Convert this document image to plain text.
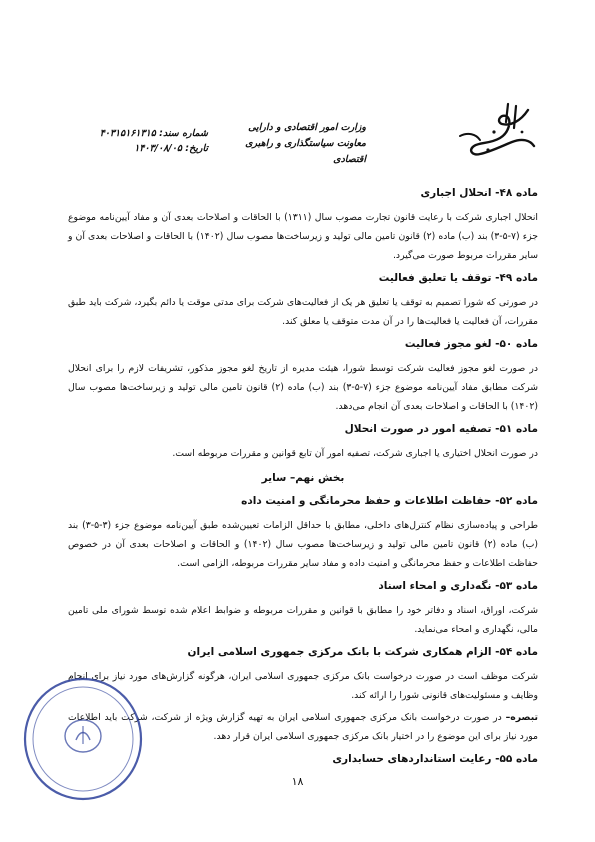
شماره سند: ۴۰۳۱۵۱۶۱۳۱۵
تاریخ: ۱۴۰۳/۰۸/۰۵
وزارت امور اقتصادی و دارایی
معاونت سیاستگذاری و راهبری اقتصادی
ماده ۴۸- انحلال اجباری
انحلال اجباری شرکت با رعایت قانون تجارت مصوب سال (۱۳۱۱) با الحاقات و اصلاحات بعدی آن و مفاد آیین‌نامه موضوع جزء (۷-۵-۳) بند (ب) ماده (۲) قانون تامین مالی تولید و زیرساخت‌ها مصوب سال (۱۴۰۲) با الحاقات و اصلاحات بعدی آن و سایر مقررات مربوط صورت می‌گیرد.
ماده ۴۹- توقف یا تعلیق فعالیت
در صورتی که شورا تصمیم به توقف یا تعلیق هر یک از فعالیت‌های شرکت برای مدتی موقت یا دائم بگیرد، شرکت باید طبق مقررات، آن فعالیت یا فعالیت‌ها را در آن مدت متوقف یا معلق کند.
ماده ۵۰- لغو مجوز فعالیت
در صورت لغو مجوز فعالیت شرکت توسط شورا، هیئت مدیره از تاریخ لغو مجوز مذکور، تشریفات لازم را برای انحلال شرکت مطابق مفاد آیین‌نامه موضوع جزء (۷-۵-۳) بند (ب) ماده (۲) قانون تامین مالی تولید و زیرساخت‌ها مصوب سال (۱۴۰۲) با الحاقات و اصلاحات بعدی آن انجام می‌دهد.
ماده ۵۱- تصفیه امور در صورت انحلال
در صورت انحلال اختیاری یا اجباری شرکت، تصفیه امور آن تابع قوانین و مقررات مربوطه است.
بخش نهم– سایر
ماده ۵۲- حفاظت اطلاعات و حفظ محرمانگی و امنیت داده
طراحی و پیاده‌سازی نظام کنترل‌های داخلی، مطابق با حداقل الزامات تعیین‌شده طبق آیین‌نامه موضوع جزء (۳-۵-۳) بند (ب) ماده (۲) قانون تامین مالی تولید و زیرساخت‌ها مصوب سال (۱۴۰۲) و الحاقات و اصلاحات بعدی آن در خصوص حفاظت اطلاعات و حفظ محرمانگی و امنیت داده و مفاد سایر مقررات مربوطه، الزامی است.
ماده ۵۳- نگه‌داری و امحاء اسناد
شرکت، اوراق، اسناد و دفاتر خود را مطابق با قوانین و مقررات مربوطه و ضوابط اعلام شده توسط شورای ملی تامین مالی، نگهداری و امحاء می‌نماید.
ماده ۵۴- الزام همکاری شرکت با بانک مرکزی جمهوری اسلامی ایران
شرکت موظف است در صورت درخواست بانک مرکزی جمهوری اسلامی ایران، هرگونه گزارش‌های مورد نیاز برای انجام وظایف و مسئولیت‌های قانونی شورا را ارائه کند.
تبصره– در صورت درخواست بانک مرکزی جمهوری اسلامی ایران به تهیه گزارش ویژه از شرکت، شرکت باید اطلاعات مورد نیاز برای این موضوع را در اختیار بانک مرکزی جمهوری اسلامی ایران قرار دهد.
ماده ۵۵- رعایت استانداردهای حسابداری
۱۸
